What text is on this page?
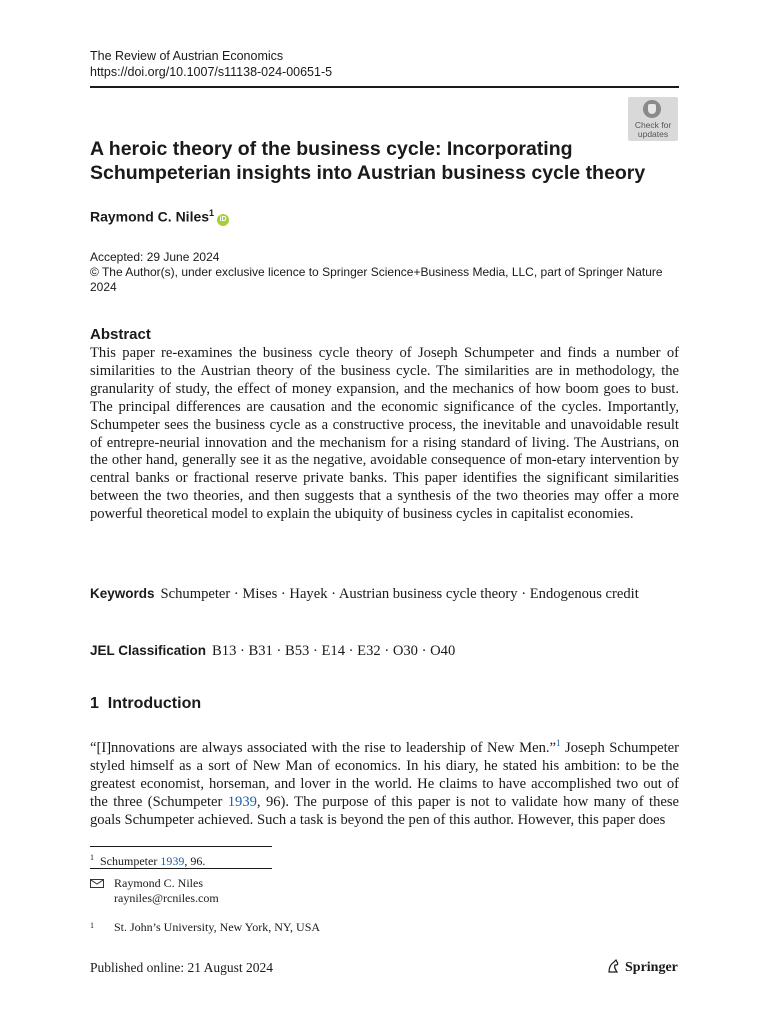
The Review of Austrian Economics
https://doi.org/10.1007/s11138-024-00651-5
Check for
updates
A heroic theory of the business cycle: Incorporating Schumpeterian insights into Austrian business cycle theory
Raymond C. Niles$^1$iD
Accepted: 29 June 2024
© The Author(s), under exclusive licence to Springer Science+Business Media, LLC, part of Springer Nature 2024
Abstract
This paper re-examines the business cycle theory of Joseph Schumpeter and finds a number of similarities to the Austrian theory of the business cycle. The similarities are in methodology, the granularity of study, the effect of money expansion, and the mechanics of how boom goes to bust. The principal differences are causation and the economic significance of the cycles. Importantly, Schumpeter sees the business cycle as a constructive process, the inevitable and unavoidable result of entrepre-neurial innovation and the mechanism for a rising standard of living. The Austrians, on the other hand, generally see it as the negative, avoidable consequence of mon-etary intervention by central banks or fractional reserve private banks. This paper identifies the significant similarities between the two theories, and then suggests that a synthesis of the two theories may offer a more powerful theoretical model to explain the ubiquity of business cycles in capitalist economies.
Keywords Schumpeter · Mises · Hayek · Austrian business cycle theory · Endogenous credit
JEL Classification B13 · B31 · B53 · E14 · E32 · O30 · O40
1 Introduction
“[I]nnovations are always associated with the rise to leadership of New Men.”$^1$ Joseph Schumpeter styled himself as a sort of New Man of economics. In his diary, he stated his ambition: to be the greatest economist, horseman, and lover in the world. He claims to have accomplished two out of the three (Schumpeter 1939, 96). The purpose of this paper is not to validate how many of these goals Schumpeter achieved. Such a task is beyond the pen of this author. However, this paper does
$^1$ Schumpeter 1939, 96.
Raymond C. Niles
rayniles@rcniles.com
1 St. John’s University, New York, NY, USA
Published online: 21 August 2024	Springer
